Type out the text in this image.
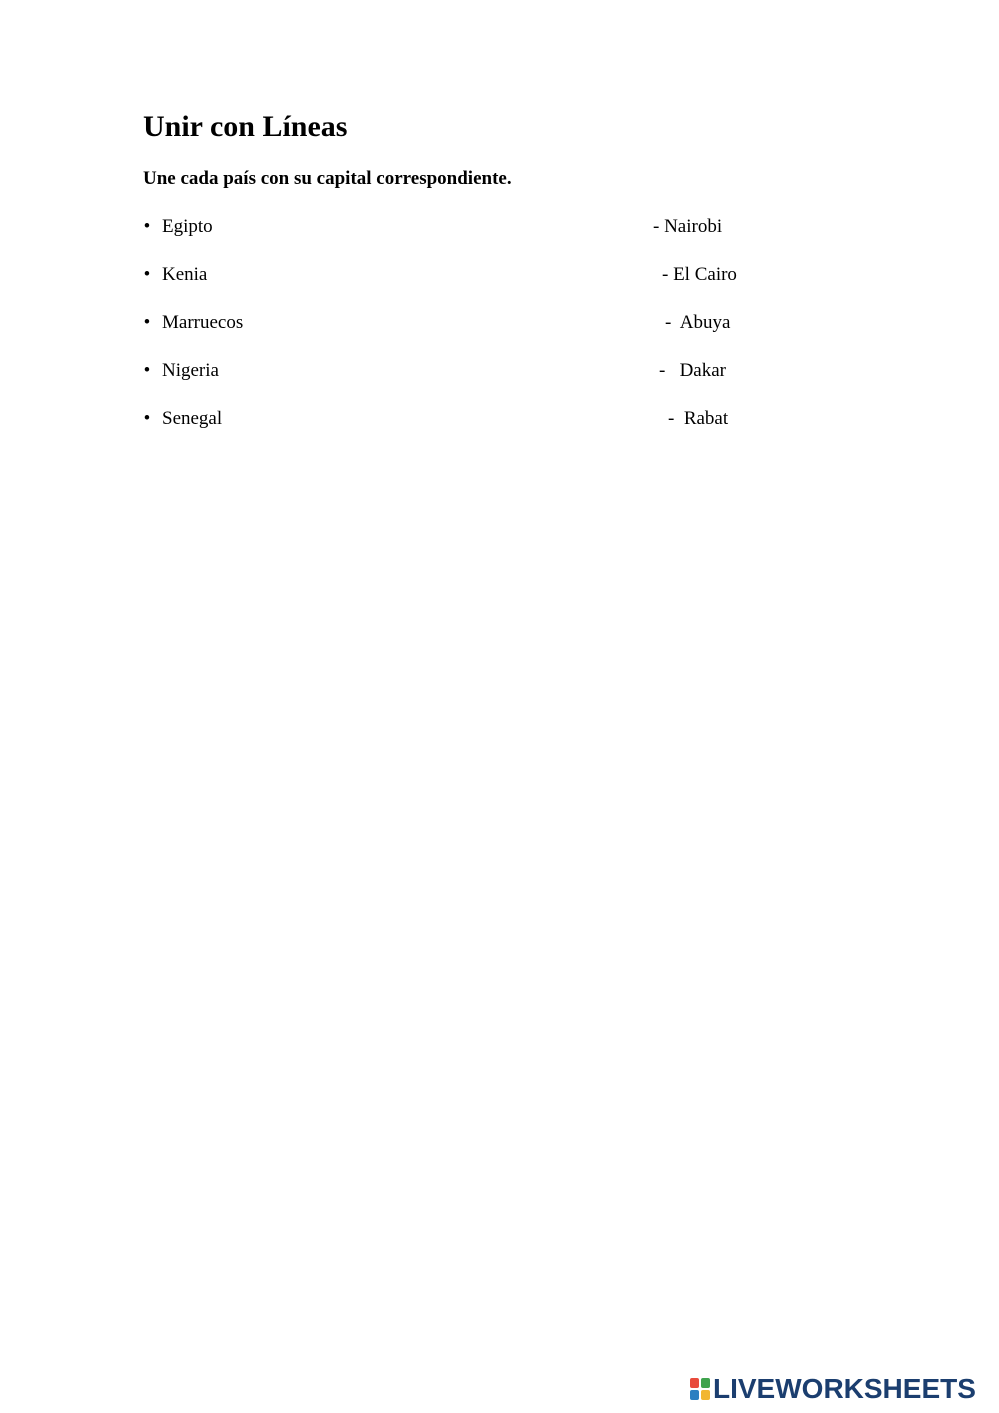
Unir con Líneas

Une cada país con su capital correspondiente.

• Egipto	- Nairobi
• Kenia	- El Cairo
• Marruecos	-  Abuya
• Nigeria	-   Dakar
• Senegal	-  Rabat
LIVEWORKSHEETS
